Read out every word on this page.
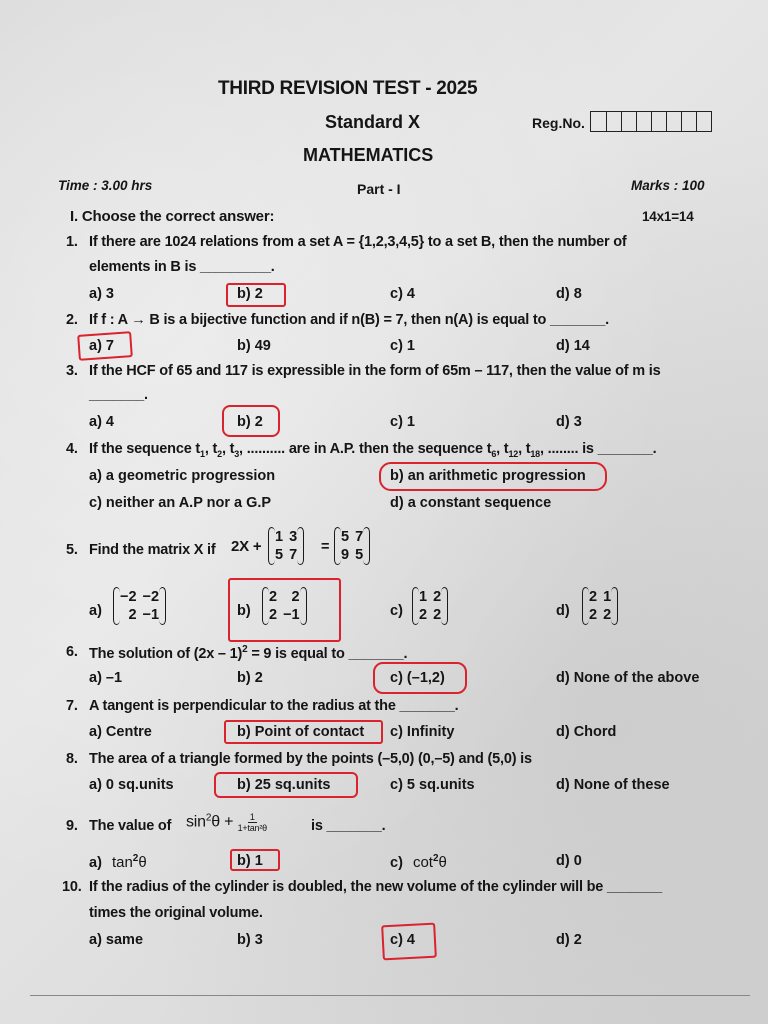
THIRD REVISION TEST - 2025
Standard X	Reg.No.
MATHEMATICS
Time : 3.00 hrs	Part - I	Marks : 100
I. Choose the correct answer:	14x1=14
1. If there are 1024 relations from a set A = {1,2,3,4,5} to a set B, then the number of
elements in B is _________.
a) 3	b) 2	c) 4	d) 8
2. If f : A → B is a bijective function and if n(B) = 7, then n(A) is equal to _______.
a) 7	b) 49	c) 1	d) 14
3. If the HCF of 65 and 117 is expressible in the form of 65m – 117, then the value of m is
_______.
a) 4	b) 2	c) 1	d) 3
4. If the sequence $t_1$, $t_2$, $t_3$, .......... are in A.P. then the sequence $t_6$, $t_{12}$, $t_{18}$, ........ is _______.
a) a geometric progression	b) an arithmetic progression
c) neither an A.P nor a G.P	d) a constant sequence
5. Find the matrix X if 2X +
1 3
5 7 =
5 7
9 5
a)
−2 −2
2 −1	b)
2 2
2 −1	c)
1 2
2 2	d)
2 1
2 2
6. The solution of (2x – 1)$^2$ = 9 is equal to _______.
a) –1	b) 2	c) (–1,2)	d) None of the above
7. A tangent is perpendicular to the radius at the _______.
a) Centre	b) Point of contact c) Infinity	d) Chord
8. The area of a triangle formed by the points (–5,0) (0,–5) and (5,0) is
a) 0 sq.units	b) 25 sq.units	c) 5 sq.units	d) None of these
9. The value of $\sin^2\theta + \frac{1}{\text{1+tan²θ}}$	is _______.
a) $\tan^2\theta$	b) 1	c) $\cot^2\theta$	d) 0
10. If the radius of the cylinder is doubled, the new volume of the cylinder will be _______
times the original volume.
a) same	b) 3	c) 4	d) 2
